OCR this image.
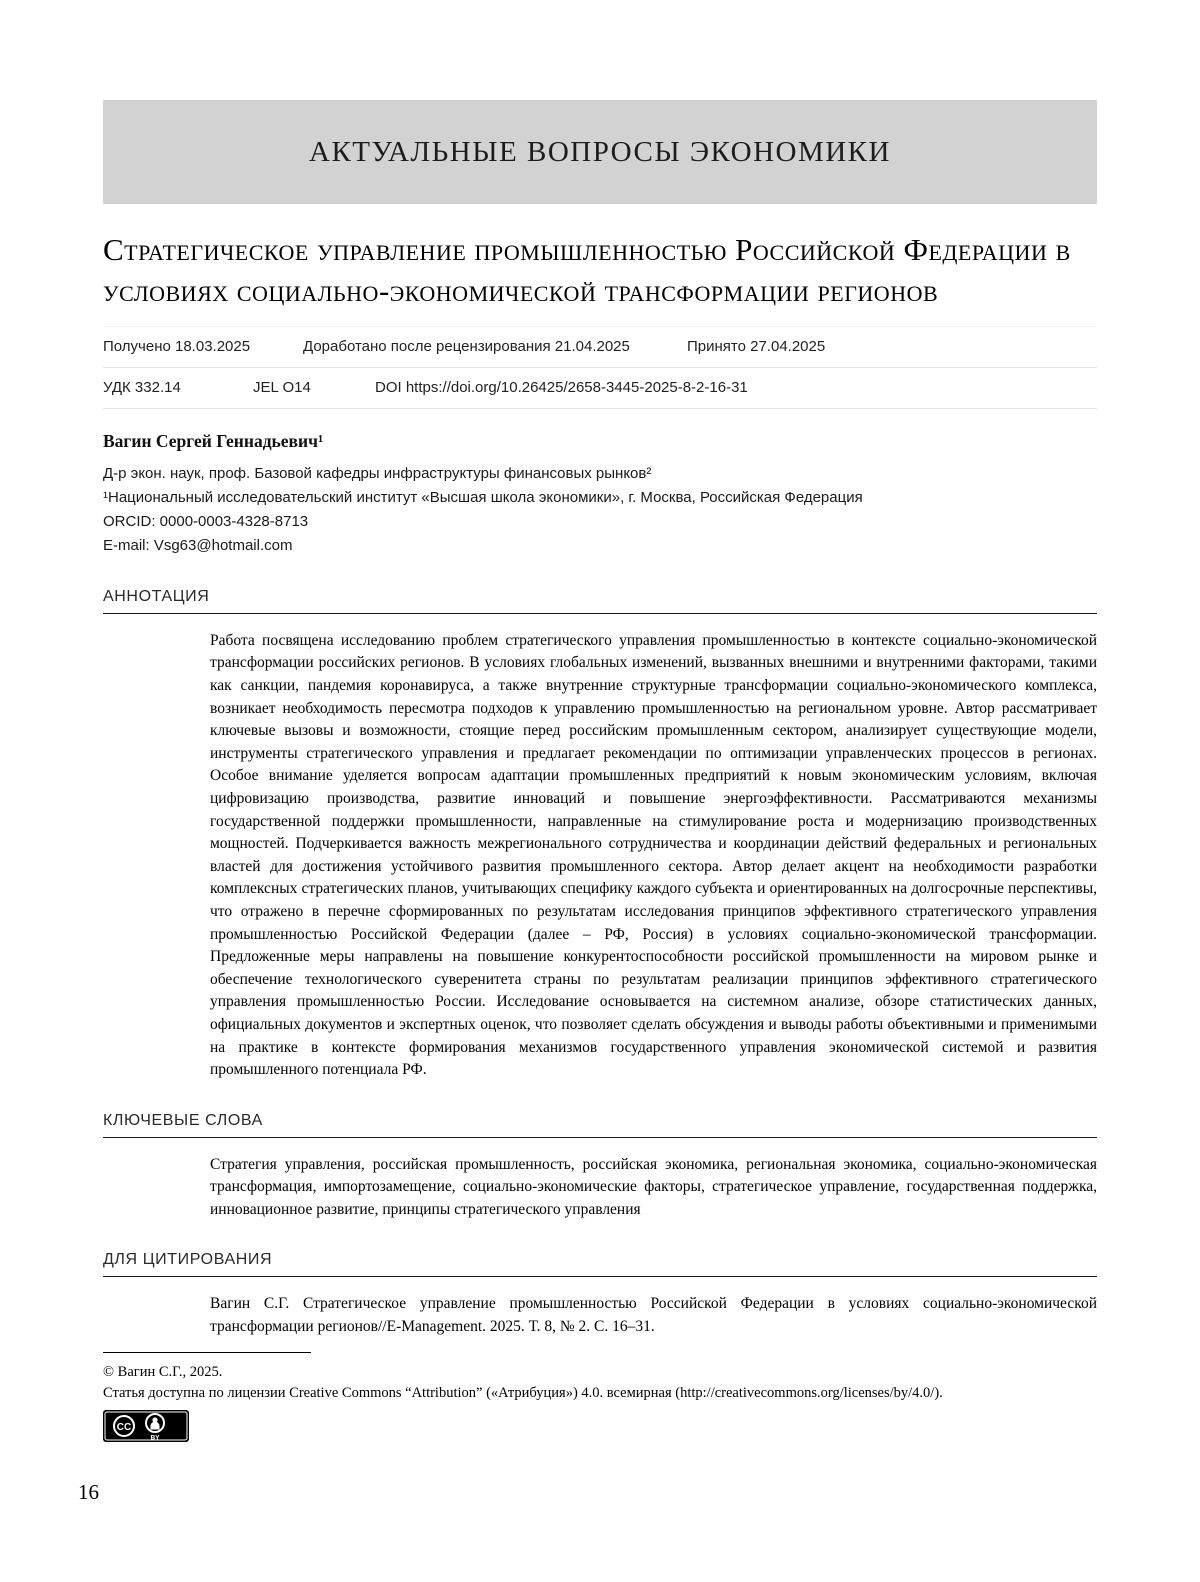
АКТУАЛЬНЫЕ ВОПРОСЫ ЭКОНОМИКИ
Стратегическое управление промышленностью Российской Федерации в условиях социально-экономической трансформации регионов
Получено 18.03.2025	Доработано после рецензирования 21.04.2025	Принято 27.04.2025
УДК 332.14	JEL O14	DOI https://doi.org/10.26425/2658-3445-2025-8-2-16-31
Вагин Сергей Геннадьевич¹
Д-р экон. наук, проф. Базовой кафедры инфраструктуры финансовых рынков²
¹Национальный исследовательский институт «Высшая школа экономики», г. Москва, Российская Федерация
ORCID: 0000-0003-4328-8713
E-mail: Vsg63@hotmail.com
АННОТАЦИЯ

Работа посвящена исследованию проблем стратегического управления промышленностью в контексте социально-экономической трансформации российских регионов. В условиях глобальных изменений, вызванных внешними и внутренними факторами, такими как санкции, пандемия коронавируса, а также внутренние структурные трансформации социально-экономического комплекса, возникает необходимость пересмотра подходов к управлению промышленностью на региональном уровне. Автор рассматривает ключевые вызовы и возможности, стоящие перед российским промышленным сектором, анализирует существующие модели, инструменты стратегического управления и предлагает рекомендации по оптимизации управленческих процессов в регионах. Особое внимание уделяется вопросам адаптации промышленных предприятий к новым экономическим условиям, включая цифровизацию производства, развитие инноваций и повышение энергоэффективности. Рассматриваются механизмы государственной поддержки промышленности, направленные на стимулирование роста и модернизацию производственных мощностей. Подчеркивается важность межрегионального сотрудничества и координации действий федеральных и региональных властей для достижения устойчивого развития промышленного сектора. Автор делает акцент на необходимости разработки комплексных стратегических планов, учитывающих специфику каждого субъекта и ориентированных на долгосрочные перспективы, что отражено в перечне сформированных по результатам исследования принципов эффективного стратегического управления промышленностью Российской Федерации (далее – РФ, Россия) в условиях социально-экономической трансформации. Предложенные меры направлены на повышение конкурентоспособности российской промышленности на мировом рынке и обеспечение технологического суверенитета страны по результатам реализации принципов эффективного стратегического управления промышленностью России. Исследование основывается на системном анализе, обзоре статистических данных, официальных документов и экспертных оценок, что позволяет сделать обсуждения и выводы работы объективными и применимыми на практике в контексте формирования механизмов государственного управления экономической системой и развития промышленного потенциала РФ.

КЛЮЧЕВЫЕ СЛОВА

Стратегия управления, российская промышленность, российская экономика, региональная экономика, социально-экономическая трансформация, импортозамещение, социально-экономические факторы, стратегическое управление, государственная поддержка, инновационное развитие, принципы стратегического управления

ДЛЯ ЦИТИРОВАНИЯ

Вагин С.Г. Стратегическое управление промышленностью Российской Федерации в условиях социально-экономической трансформации регионов//E-Management. 2025. Т. 8, № 2. С. 16–31.

© Вагин С.Г., 2025.
Статья доступна по лицензии Creative Commons “Attribution” («Атрибуция») 4.0. всемирная (http://creativecommons.org/licenses/by/4.0/).
CC
BY
16
